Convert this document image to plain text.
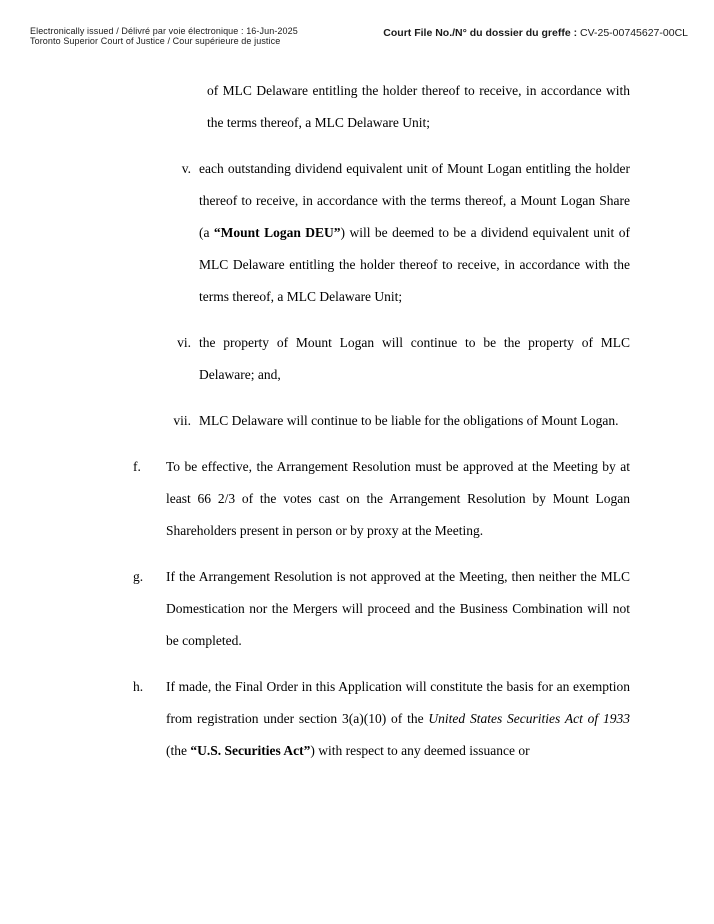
Electronically issued / Délivré par voie électronique : 16-Jun-2025
Toronto Superior Court of Justice / Cour supérieure de justice
Court File No./N° du dossier du greffe : CV-25-00745627-00CL
of MLC Delaware entitling the holder thereof to receive, in accordance with the terms thereof, a MLC Delaware Unit;
v. each outstanding dividend equivalent unit of Mount Logan entitling the holder thereof to receive, in accordance with the terms thereof, a Mount Logan Share (a “Mount Logan DEU”) will be deemed to be a dividend equivalent unit of MLC Delaware entitling the holder thereof to receive, in accordance with the terms thereof, a MLC Delaware Unit;
vi. the property of Mount Logan will continue to be the property of MLC Delaware; and,
vii. MLC Delaware will continue to be liable for the obligations of Mount Logan.
f.	To be effective, the Arrangement Resolution must be approved at the Meeting by at least 66 2/3 of the votes cast on the Arrangement Resolution by Mount Logan Shareholders present in person or by proxy at the Meeting.
g.	If the Arrangement Resolution is not approved at the Meeting, then neither the MLC Domestication nor the Mergers will proceed and the Business Combination will not be completed.
h.	If made, the Final Order in this Application will constitute the basis for an exemption from registration under section 3(a)(10) of the United States Securities Act of 1933 (the “U.S. Securities Act”) with respect to any deemed issuance or
